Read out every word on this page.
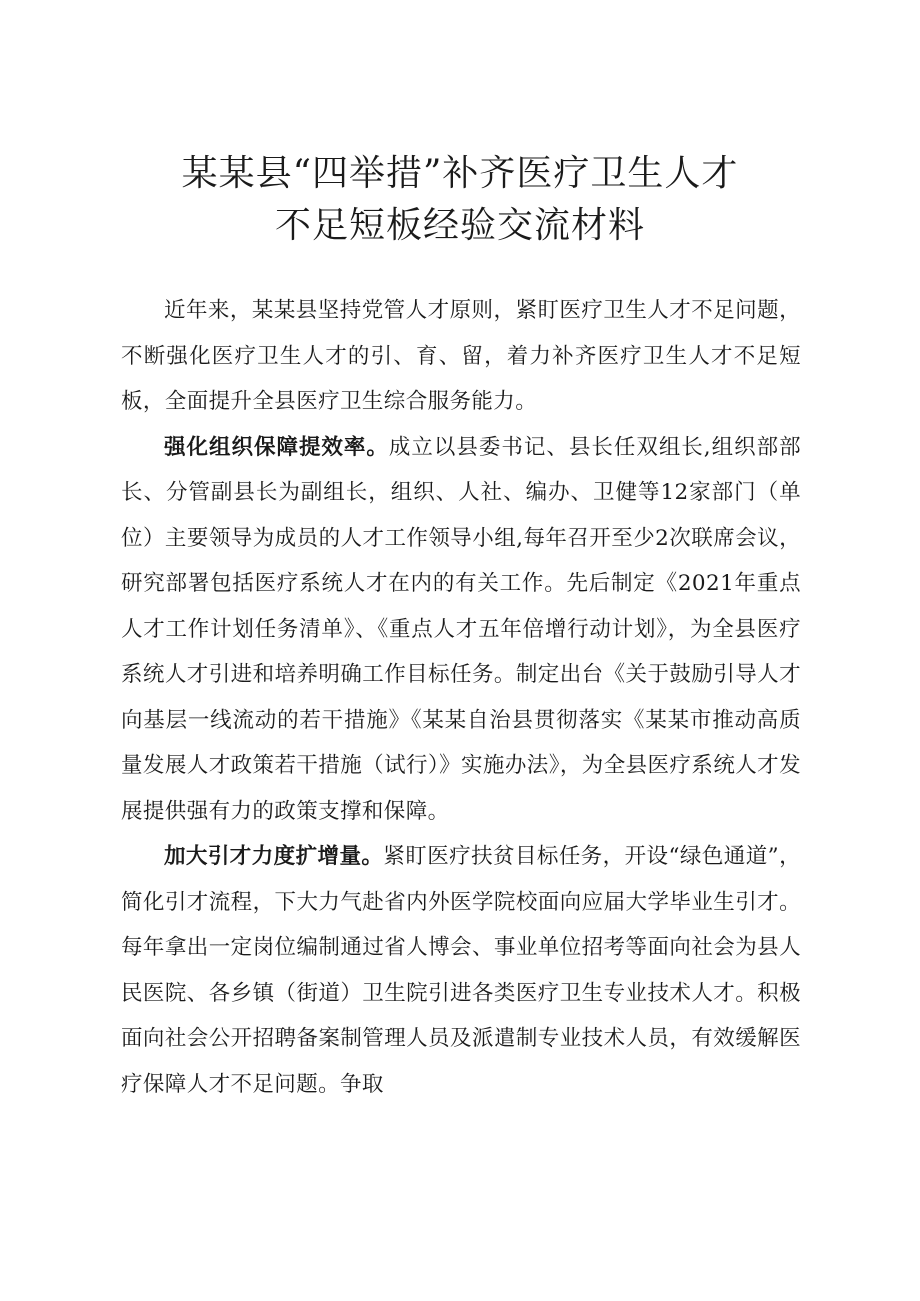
某某县“四举措”补齐医疗卫生人才
不足短板经验交流材料

近年来，某某县坚持党管人才原则，紧盯医疗卫生人才不足问题，不断强化医疗卫生人才的引、育、留，着力补齐医疗卫生人才不足短板，全面提升全县医疗卫生综合服务能力。

强化组织保障提效率。成立以县委书记、县长任双组长,组织部部长、分管副县长为副组长，组织、人社、编办、卫健等12家部门（单位）主要领导为成员的人才工作领导小组,每年召开至少2次联席会议，研究部署包括医疗系统人才在内的有关工作。先后制定《2021年重点人才工作计划任务清单》、《重点人才五年倍增行动计划》，为全县医疗系统人才引进和培养明确工作目标任务。制定出台《关于鼓励引导人才向基层一线流动的若干措施》《某某自治县贯彻落实《某某市推动高质量发展人才政策若干措施（试行）》实施办法》，为全县医疗系统人才发展提供强有力的政策支撑和保障。

加大引才力度扩增量。紧盯医疗扶贫目标任务，开设“绿色通道”，简化引才流程，下大力气赴省内外医学院校面向应届大学毕业生引才。每年拿出一定岗位编制通过省人博会、事业单位招考等面向社会为县人民医院、各乡镇（街道）卫生院引进各类医疗卫生专业技术人才。积极面向社会公开招聘备案制管理人员及派遣制专业技术人员，有效缓解医疗保障人才不足问题。争取
